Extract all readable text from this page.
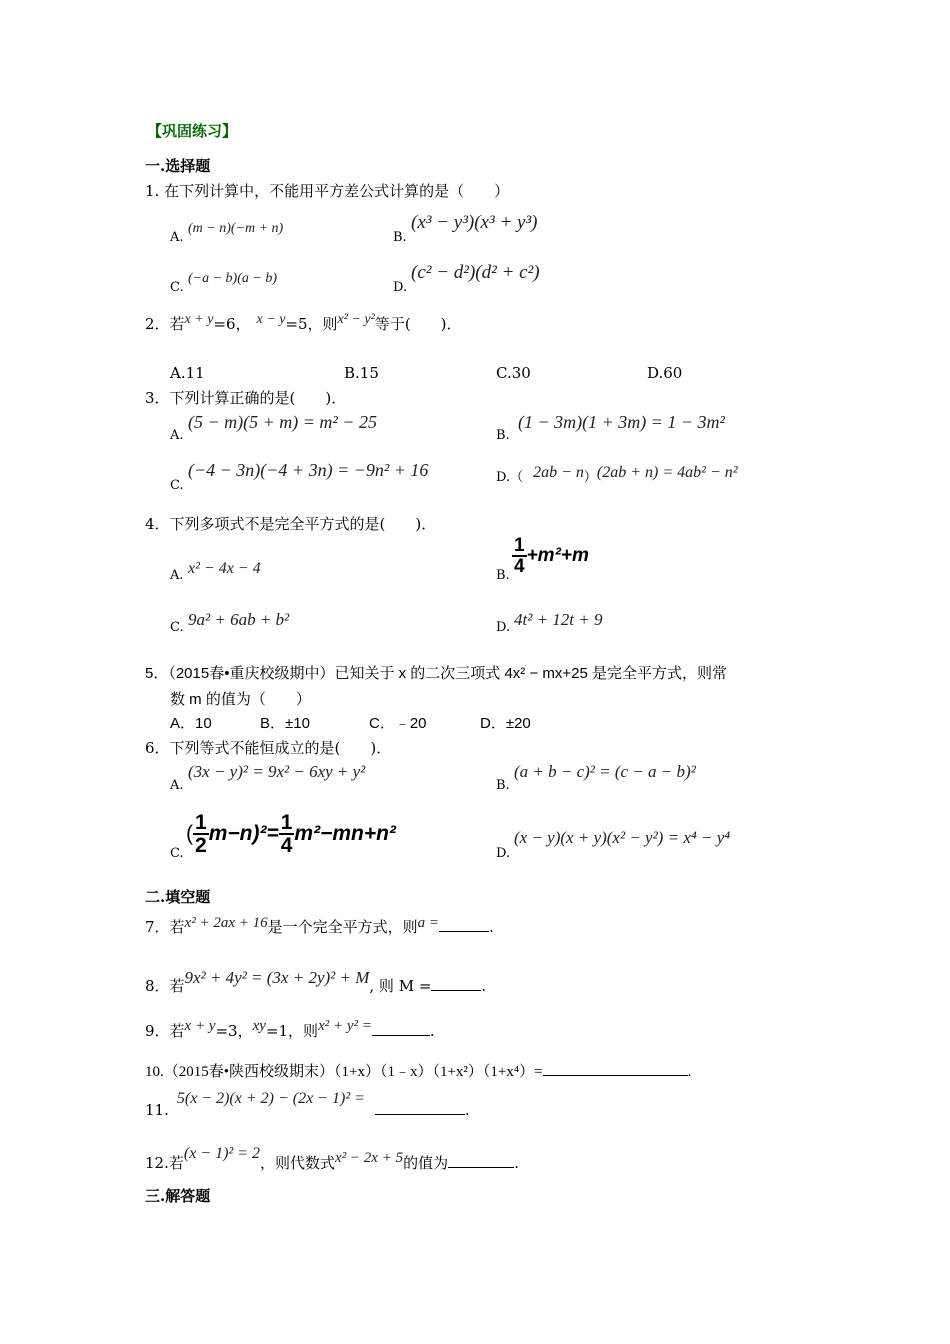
【巩固练习】
一.选择题
1. 在下列计算中，不能用平方差公式计算的是（　　）
A.
(m − n)(−m + n)
B.
(x³ − y³)(x³ + y³)
C.
(−a − b)(a − b)
D.
(c² − d²)(d² + c²)
2．若x + y=6， x − y=5，则x² − y²等于(　　)．
A.11	B.15	C.30	D.60
3．下列计算正确的是(　　)．
A.
(5 − m)(5 + m) = m² − 25
B.
(1 − 3m)(1 + 3m) = 1 − 3m²
C.
(−4 − 3n)(−4 + 3n) = −9n² + 16	D.（ 2ab − n）(2ab + n) = 4ab² − n²
4．下列多项式不是完全平方式的是(　　)．
A. x² − 4x − 4	B. $\frac{1}{4} +m^2+m$
C. 9a² + 6ab + b²	D. 4t² + 12t + 9
5．（2015春•重庆校级期中）已知关于 x 的二次三项式 4x² − mx+25 是完全平方式，则常
数 m 的值为（　　）
A．10	B．±10	C．﹣20	D．±20
6．下列等式不能恒成立的是(　　)．
A.
(3x − y)² = 9x² − 6xy + y²
B.
(a + b − c)² = (c − a − b)²
C.
( $\frac{1}{2} m-n)^2= \frac{1}{4} m^2-mn+n^2$
D.
(x − y)(x + y)(x² − y²) = x⁴ − y⁴
二.填空题
7．若x² + 2ax + 16是一个完全平方式，则a =	.
8．若9x² + 4y² = (3x + 2y)² + M, 则 M =	.
9．若x + y=3，xy=1，则x² + y² =	.
10.（2015春•陕西校级期末）（1+x）（1﹣x）（1+x²）（1+x⁴）=	.
11.5(x − 2)(x + 2) − (2x − 1)² =.
12.若(x − 1)² = 2，则代数式x² − 2x + 5的值为	.
三.解答题
